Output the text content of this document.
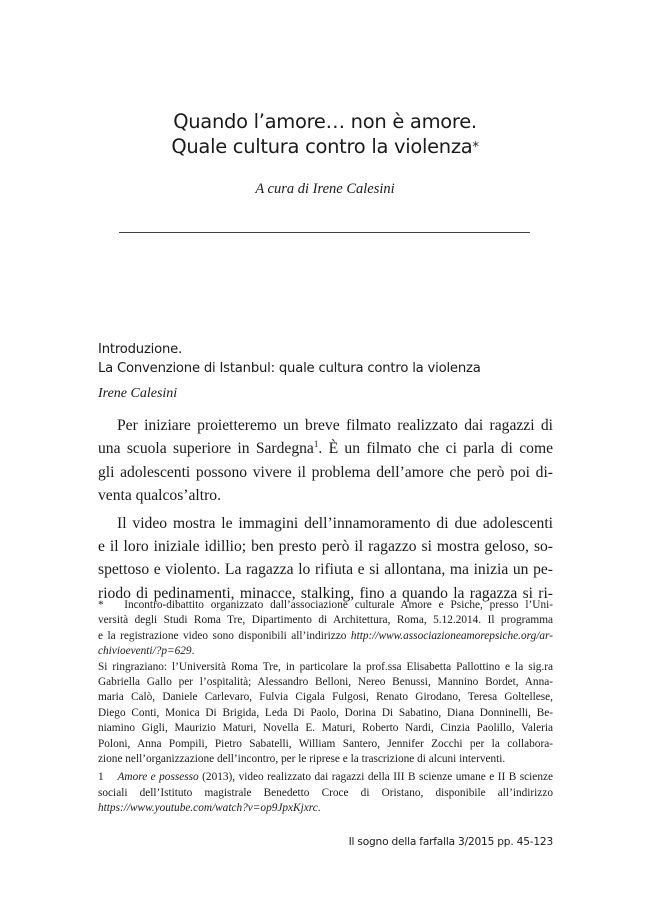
Quando l’amore… non è amore.
Quale cultura contro la violenza*
A cura di Irene Calesini
Introduzione.
La Convenzione di Istanbul: quale cultura contro la violenza
Irene Calesini
Per iniziare proietteremo un breve filmato realizzato dai ragazzi di
una scuola superiore in Sardegna$^1$. È un filmato che ci parla di come
gli adolescenti possono vivere il problema dell’amore che però poi di-
venta qualcos’altro.
Il video mostra le immagini dell’innamoramento di due adolescenti
e il loro iniziale idillio; ben presto però il ragazzo si mostra geloso, so-
spettoso e violento. La ragazza lo rifiuta e si allontana, ma inizia un pe-
riodo di pedinamenti, minacce, stalking, fino a quando la ragazza si ri-
* Incontro-dibattito organizzato dall’associazione culturale Amore e Psiche, presso l’Uni-
versità degli Studi Roma Tre, Dipartimento di Architettura, Roma, 5.12.2014. Il programma
e la registrazione video sono disponibili all’indirizzo http://www.associazioneamorepsiche.org/ar-
chivioeventi/?p=629.
Si ringraziano: l’Università Roma Tre, in particolare la prof.ssa Elisabetta Pallottino e la sig.ra
Gabriella Gallo per l’ospitalità; Alessandro Belloni, Nereo Benussi, Mannino Bordet, Anna-
maria Calò, Daniele Carlevaro, Fulvia Cigala Fulgosi, Renato Girodano, Teresa Goltellese,
Diego Conti, Monica Di Brigida, Leda Di Paolo, Dorina Di Sabatino, Diana Donninelli, Be-
niamino Gigli, Maurizio Maturi, Novella E. Maturi, Roberto Nardi, Cinzia Paolillo, Valeria
Poloni, Anna Pompili, Pietro Sabatelli, William Santero, Jennifer Zocchi per la collabora-
zione nell’organizzazione dell’incontro, per le riprese e la trascrizione di alcuni interventi.
1 Amore e possesso (2013), video realizzato dai ragazzi della III B scienze umane e II B scienze
sociali dell’Istituto magistrale Benedetto Croce di Oristano, disponibile all’indirizzo
https://www.youtube.com/watch?v=op9JpxKjxrc.
Il sogno della farfalla 3/2015 pp. 45-123
